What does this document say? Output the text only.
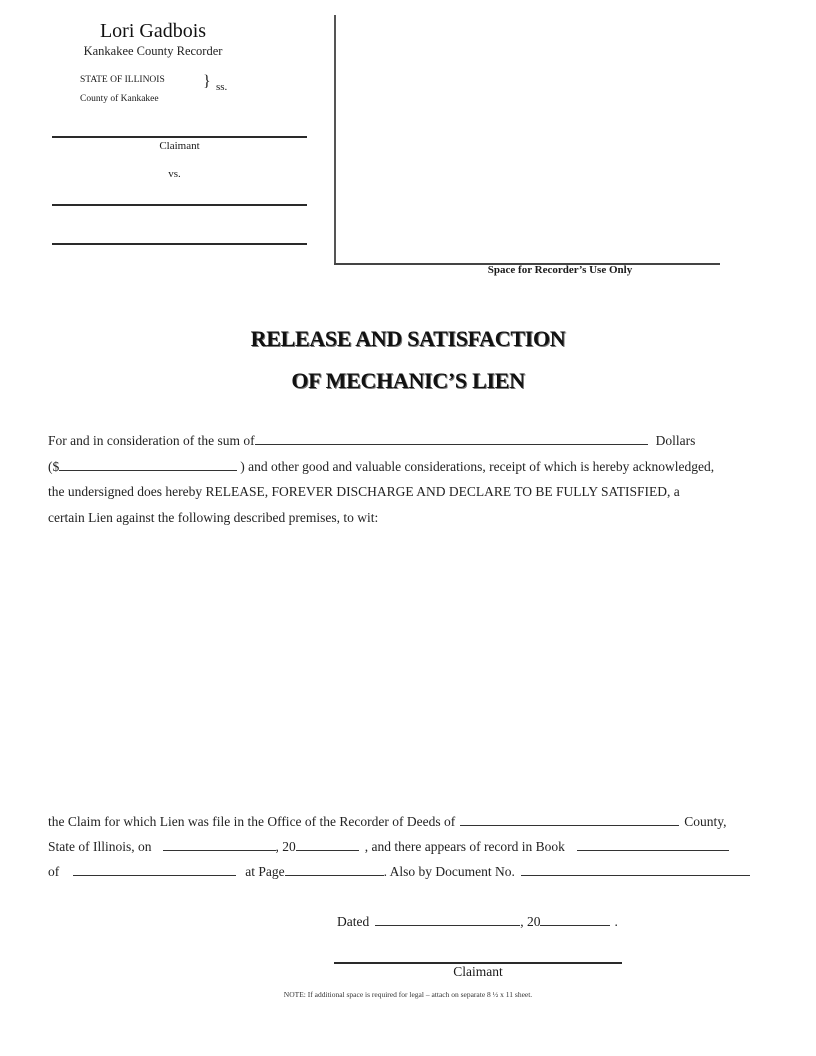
Lori Gadbois
Kankakee County Recorder
STATE OF ILLINOIS
County of Kankakee
} ss.
Claimant
vs.
Space for Recorder’s Use Only
RELEASE AND SATISFACTION
OF MECHANIC’S LIEN
For and in consideration of the sum of	Dollars
($	) and other good and valuable considerations, receipt of which is hereby acknowledged,
the undersigned does hereby RELEASE, FOREVER DISCHARGE AND DECLARE TO BE FULLY SATISFIED, a
certain Lien against the following described premises, to wit:
the Claim for which Lien was file in the Office of the Recorder of Deeds of	County,
State of Illinois, on	, 20	, and there appears of record in Book
of	at Page	. Also by Document No.
Dated	, 20	.
Claimant
NOTE: If additional space is required for legal – attach on separate 8 ½ x 11 sheet.
